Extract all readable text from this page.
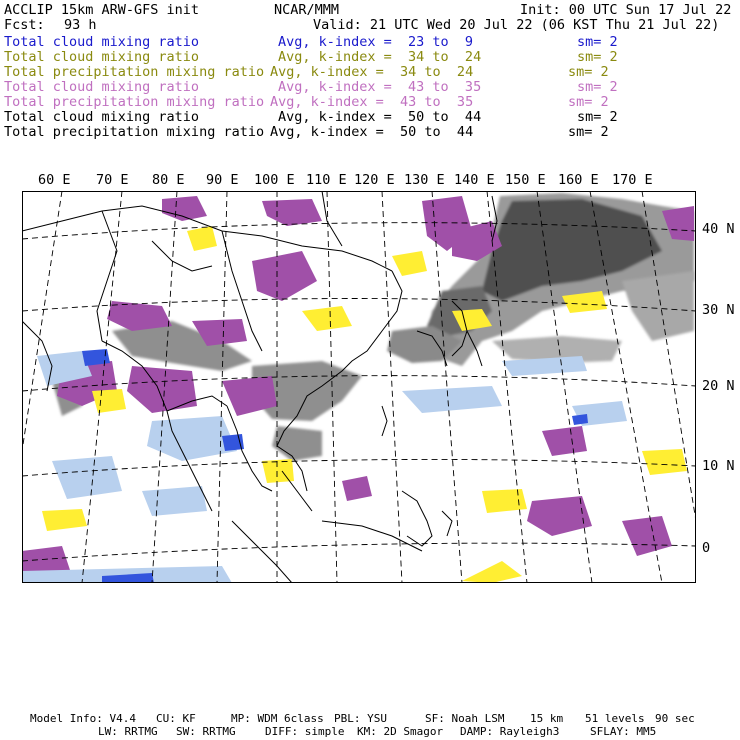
ACCLIP 15km ARW-GFS init	NCAR/MMM	Init: 00 UTC Sun 17 Jul 22
Fcst: 93 h	Valid: 21 UTC Wed 20 Jul 22 (06 KST Thu 21 Jul 22)
Total cloud mixing ratio	Avg, k-index =  23 to  9	sm= 2
Total cloud mixing ratio	Avg, k-index =  34 to  24	sm= 2
Total precipitation mixing ratio Avg, k-index =  34 to  24	sm= 2
Total cloud mixing ratio	Avg, k-index =  43 to  35	sm= 2
Total precipitation mixing ratio Avg, k-index =  43 to  35	sm= 2
Total cloud mixing ratio	Avg, k-index =  50 to  44	sm= 2
Total precipitation mixing ratio Avg, k-index =  50 to  44	sm= 2
60 E 70 E 80 E 90 E 100 E 110 E 120 E 130 E 140 E 150 E 160 E 170 E
40 N
30 N
20 N
10 N
0
Model Info: V4.4 CU: KF	MP: WDM 6class PBL: YSU	SF: Noah LSM 15 km 51 levels 90 sec
LW: RRTMG SW: RRTMG	DIFF: simple KM: 2D Smagor DAMP: Rayleigh3	SFLAY: MM5
